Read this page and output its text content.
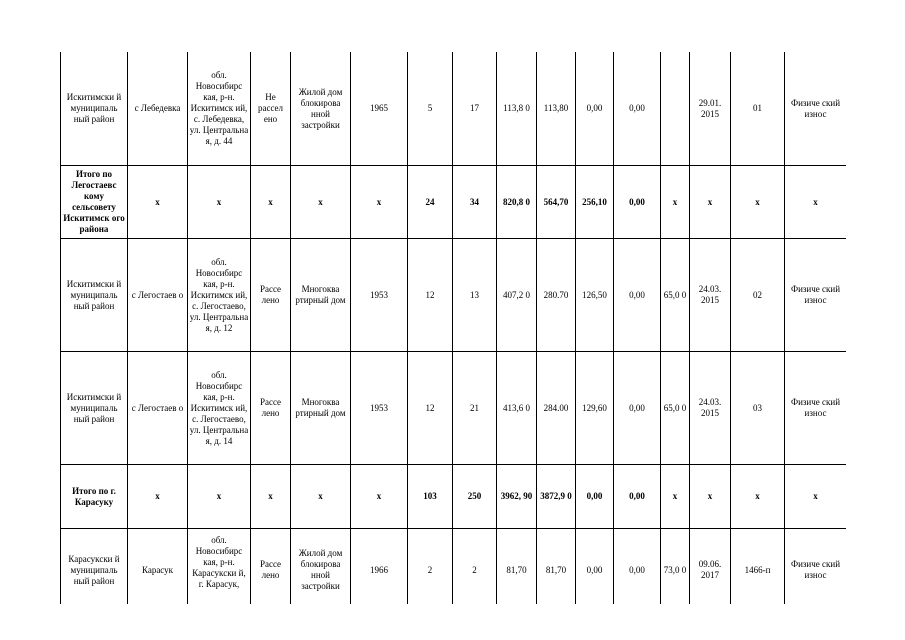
Искитимски й муниципаль ный район	с Лебедевка	обл. Новосибирс кая, р-н. Искитимск ий, с. Лебедевка, ул. Центральна я, д. 44	Не рассел ено	Жилой дом блокирова нной застройки	1965	5	17	113,8 0	113,80	0,00	0,00		29.01. 2015	01	Физиче ский износ
Итого по Легостаевс кому сельсовету Искитимск ого района	x	x	x	x	x	24	34	820,8 0	564,70	256,10	0,00	x	x	x	x
Искитимски й муниципаль ный район	с Легостаев о	обл. Новосибирс кая, р-н. Искитимск ий, с. Легостаево, ул. Центральна я, д. 12	Рассе лено	Многоква ртирный дом	1953	12	13	407,2 0	280.70	126,50	0,00	65,0 0	24.03. 2015	02	Физиче ский износ
Искитимски й муниципаль ный район	с Легостаев о	обл. Новосибирс кая, р-н. Искитимск ий, с. Легостаево, ул. Центральна я, д. 14	Рассе лено	Многоква ртирный дом	1953	12	21	413,6 0	284.00	129,60	0,00	65,0 0	24.03. 2015	03	Физиче ский износ
Итого по г. Карасуку	x	x	x	x	x	103	250	3962, 90	3872,9 0	0,00	0,00	x	x	x	x
Карасукски й муниципаль ный район	Карасук	обл. Новосибирс кая, р-н. Карасукски й, г. Карасук,	Рассе лено	Жилой дом блокирова нной застройки	1966	2	2	81,70	81,70	0,00	0,00	73,0 0	09.06. 2017	1466-п	Физиче ский износ
